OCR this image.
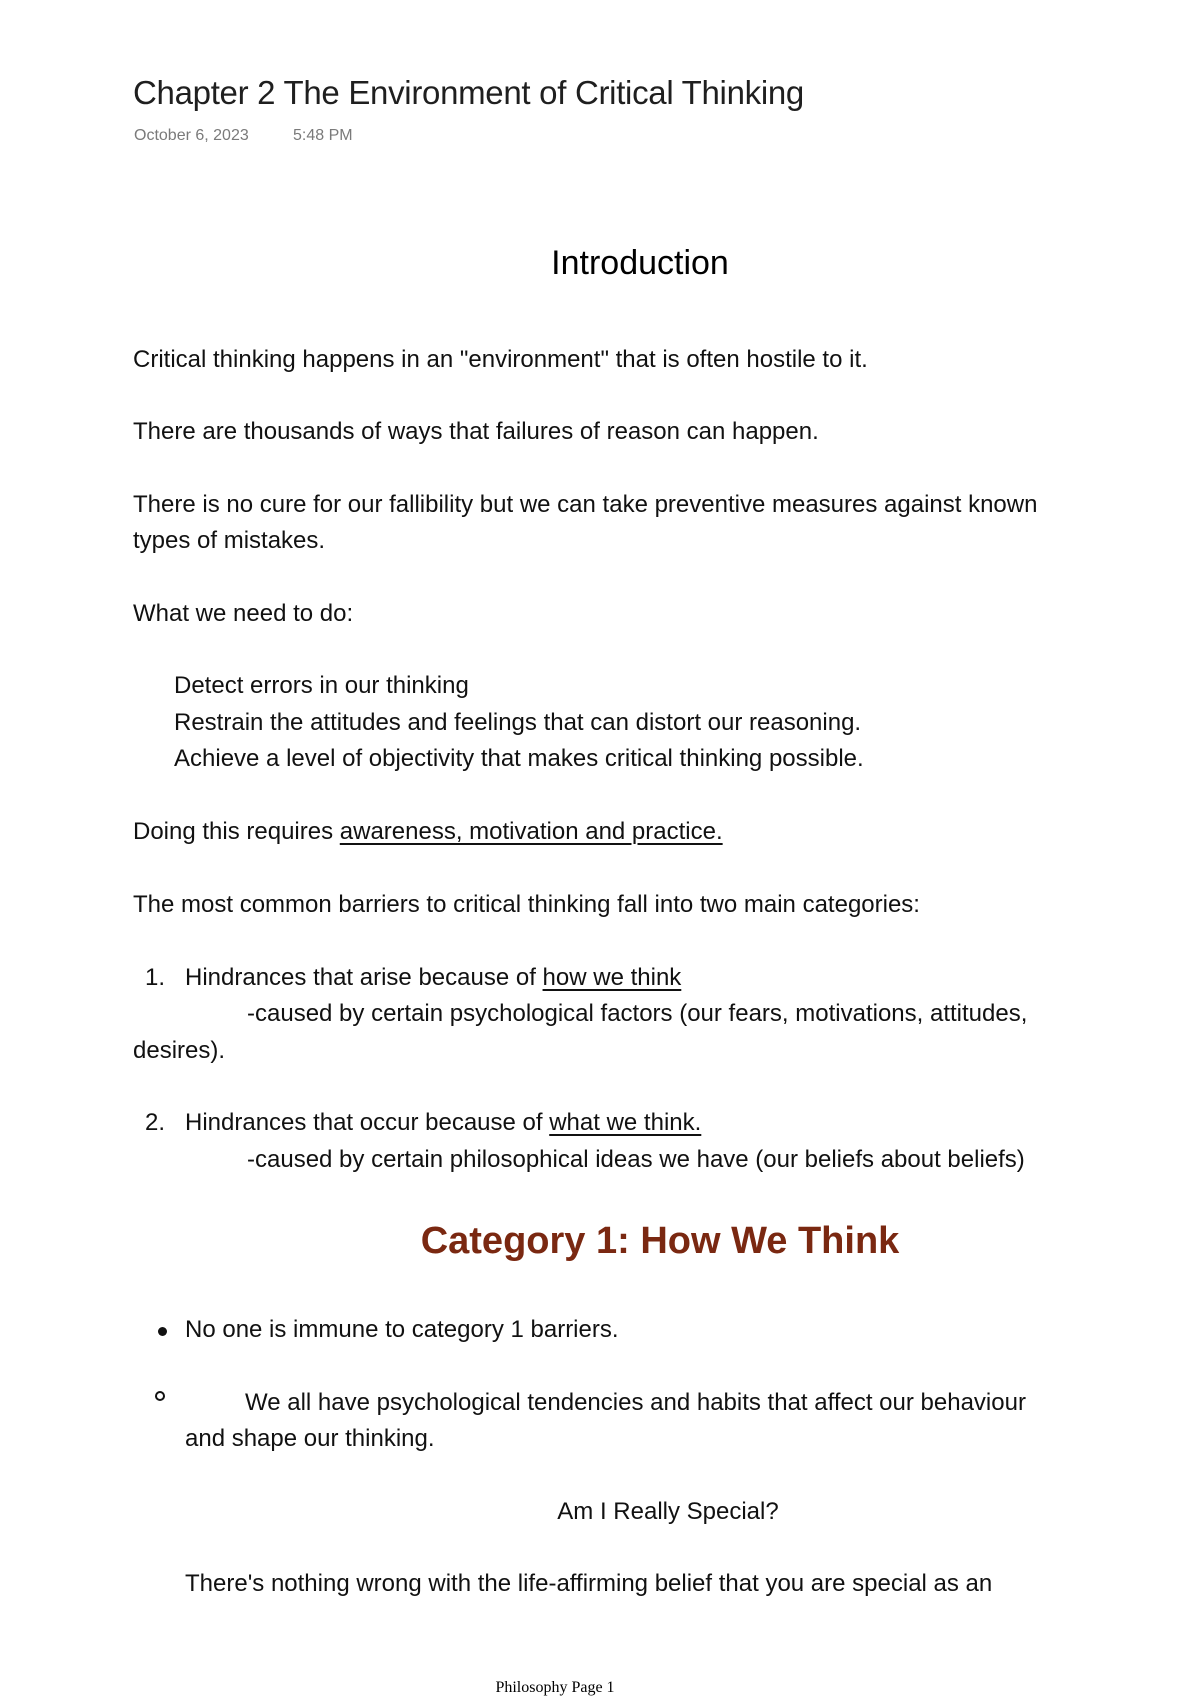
Chapter 2 The Environment of Critical Thinking
October 6, 2023	5:48 PM
Introduction
Critical thinking happens in an "environment" that is often hostile to it.
There are thousands of ways that failures of reason can happen.
There is no cure for our fallibility but we can take preventive measures against known
types of mistakes.
What we need to do:
Detect errors in our thinking
Restrain the attitudes and feelings that can distort our reasoning.
Achieve a level of objectivity that makes critical thinking possible.
Doing this requires awareness, motivation and practice.
The most common barriers to critical thinking fall into two main categories:
1. Hindrances that arise because of how we think
-caused by certain psychological factors (our fears, motivations, attitudes,
desires).
2. Hindrances that occur because of what we think.
-caused by certain philosophical ideas we have (our beliefs about beliefs)
Category 1: How We Think
No one is immune to category 1 barriers.
We all have psychological tendencies and habits that affect our behaviour
and shape our thinking.
Am I Really Special?
There's nothing wrong with the life-affirming belief that you are special as an
Philosophy Page 1
